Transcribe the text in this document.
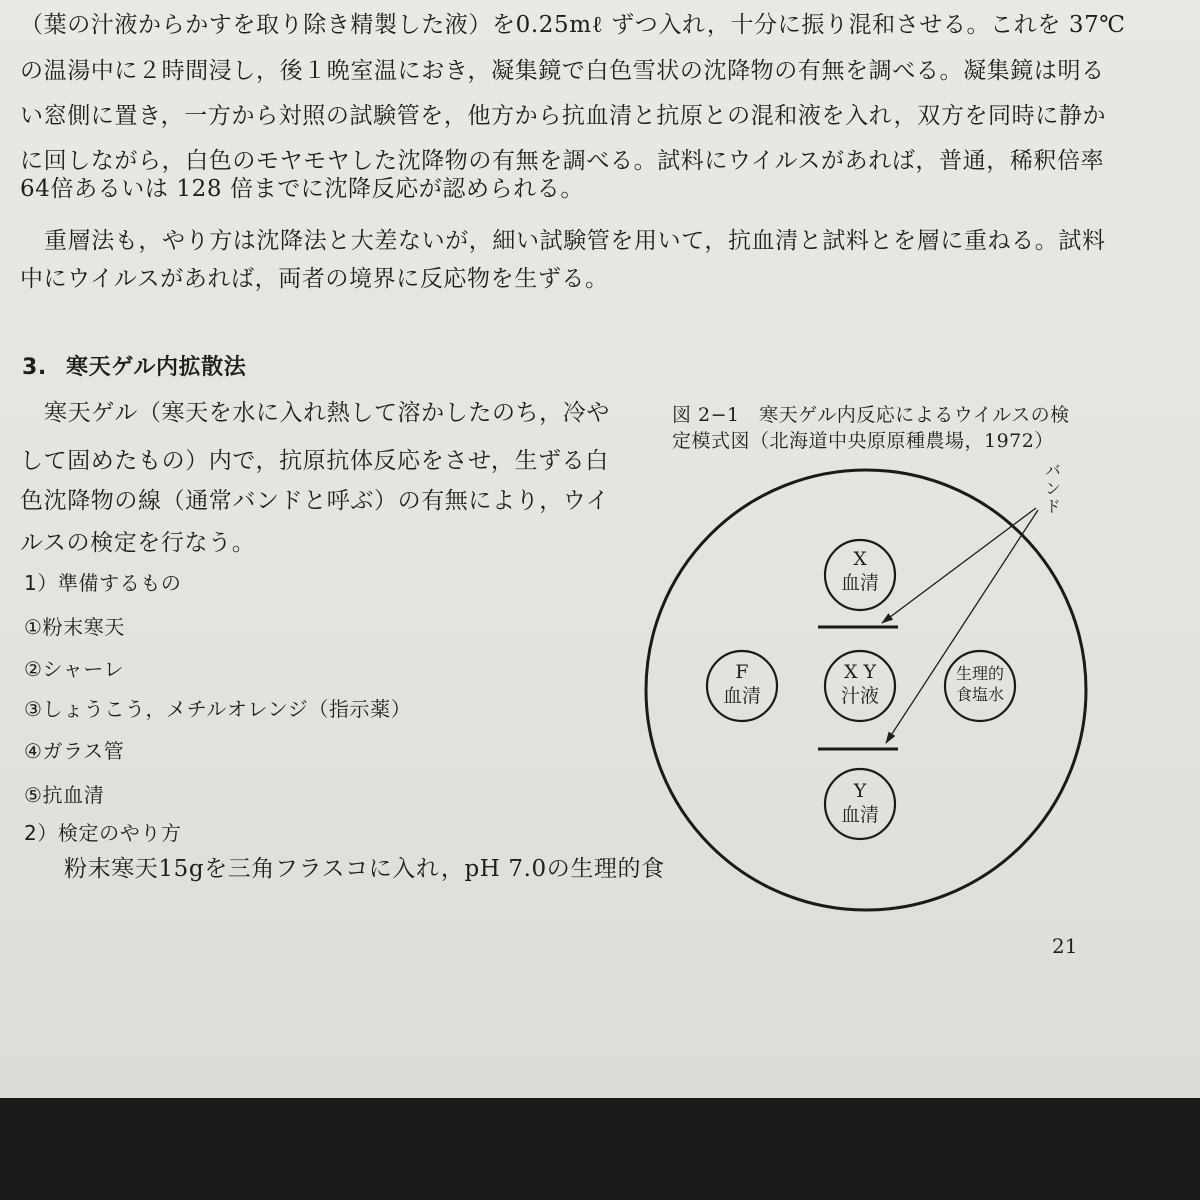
（葉の汁液からかすを取り除き精製した液）を0.25mℓ ずつ入れ，十分に振り混和させる。これを 37℃
の温湯中に２時間浸し，後１晩室温におき，凝集鏡で白色雪状の沈降物の有無を調べる。凝集鏡は明る
い窓側に置き，一方から対照の試験管を，他方から抗血清と抗原との混和液を入れ，双方を同時に静か
に回しながら，白色のモヤモヤした沈降物の有無を調べる。試料にウイルスがあれば，普通，稀釈倍率
64倍あるいは 128 倍までに沈降反応が認められる。
重層法も，やり方は沈降法と大差ないが，細い試験管を用いて，抗血清と試料とを層に重ねる。試料
中にウイルスがあれば，両者の境界に反応物を生ずる。
3. 寒天ゲル内拡散法
寒天ゲル（寒天を水に入れ熱して溶かしたのち，冷や
して固めたもの）内で，抗原抗体反応をさせ，生ずる白
色沈降物の線（通常バンドと呼ぶ）の有無により，ウイ
ルスの検定を行なう。
1）準備するもの
①粉末寒天
②シャーレ
③しょうこう，メチルオレンジ（指示薬）
④ガラス管
⑤抗血清
2）検定のやり方
粉末寒天15gを三角フラスコに入れ，pH 7.0の生理的食
図 2−1　寒天ゲル内反応によるウイルスの検
定模式図（北海道中央原原種農場，1972）
バンド
X
血清
F
血清
X Y
汁液
生理的
食塩水
Y
血清
21
